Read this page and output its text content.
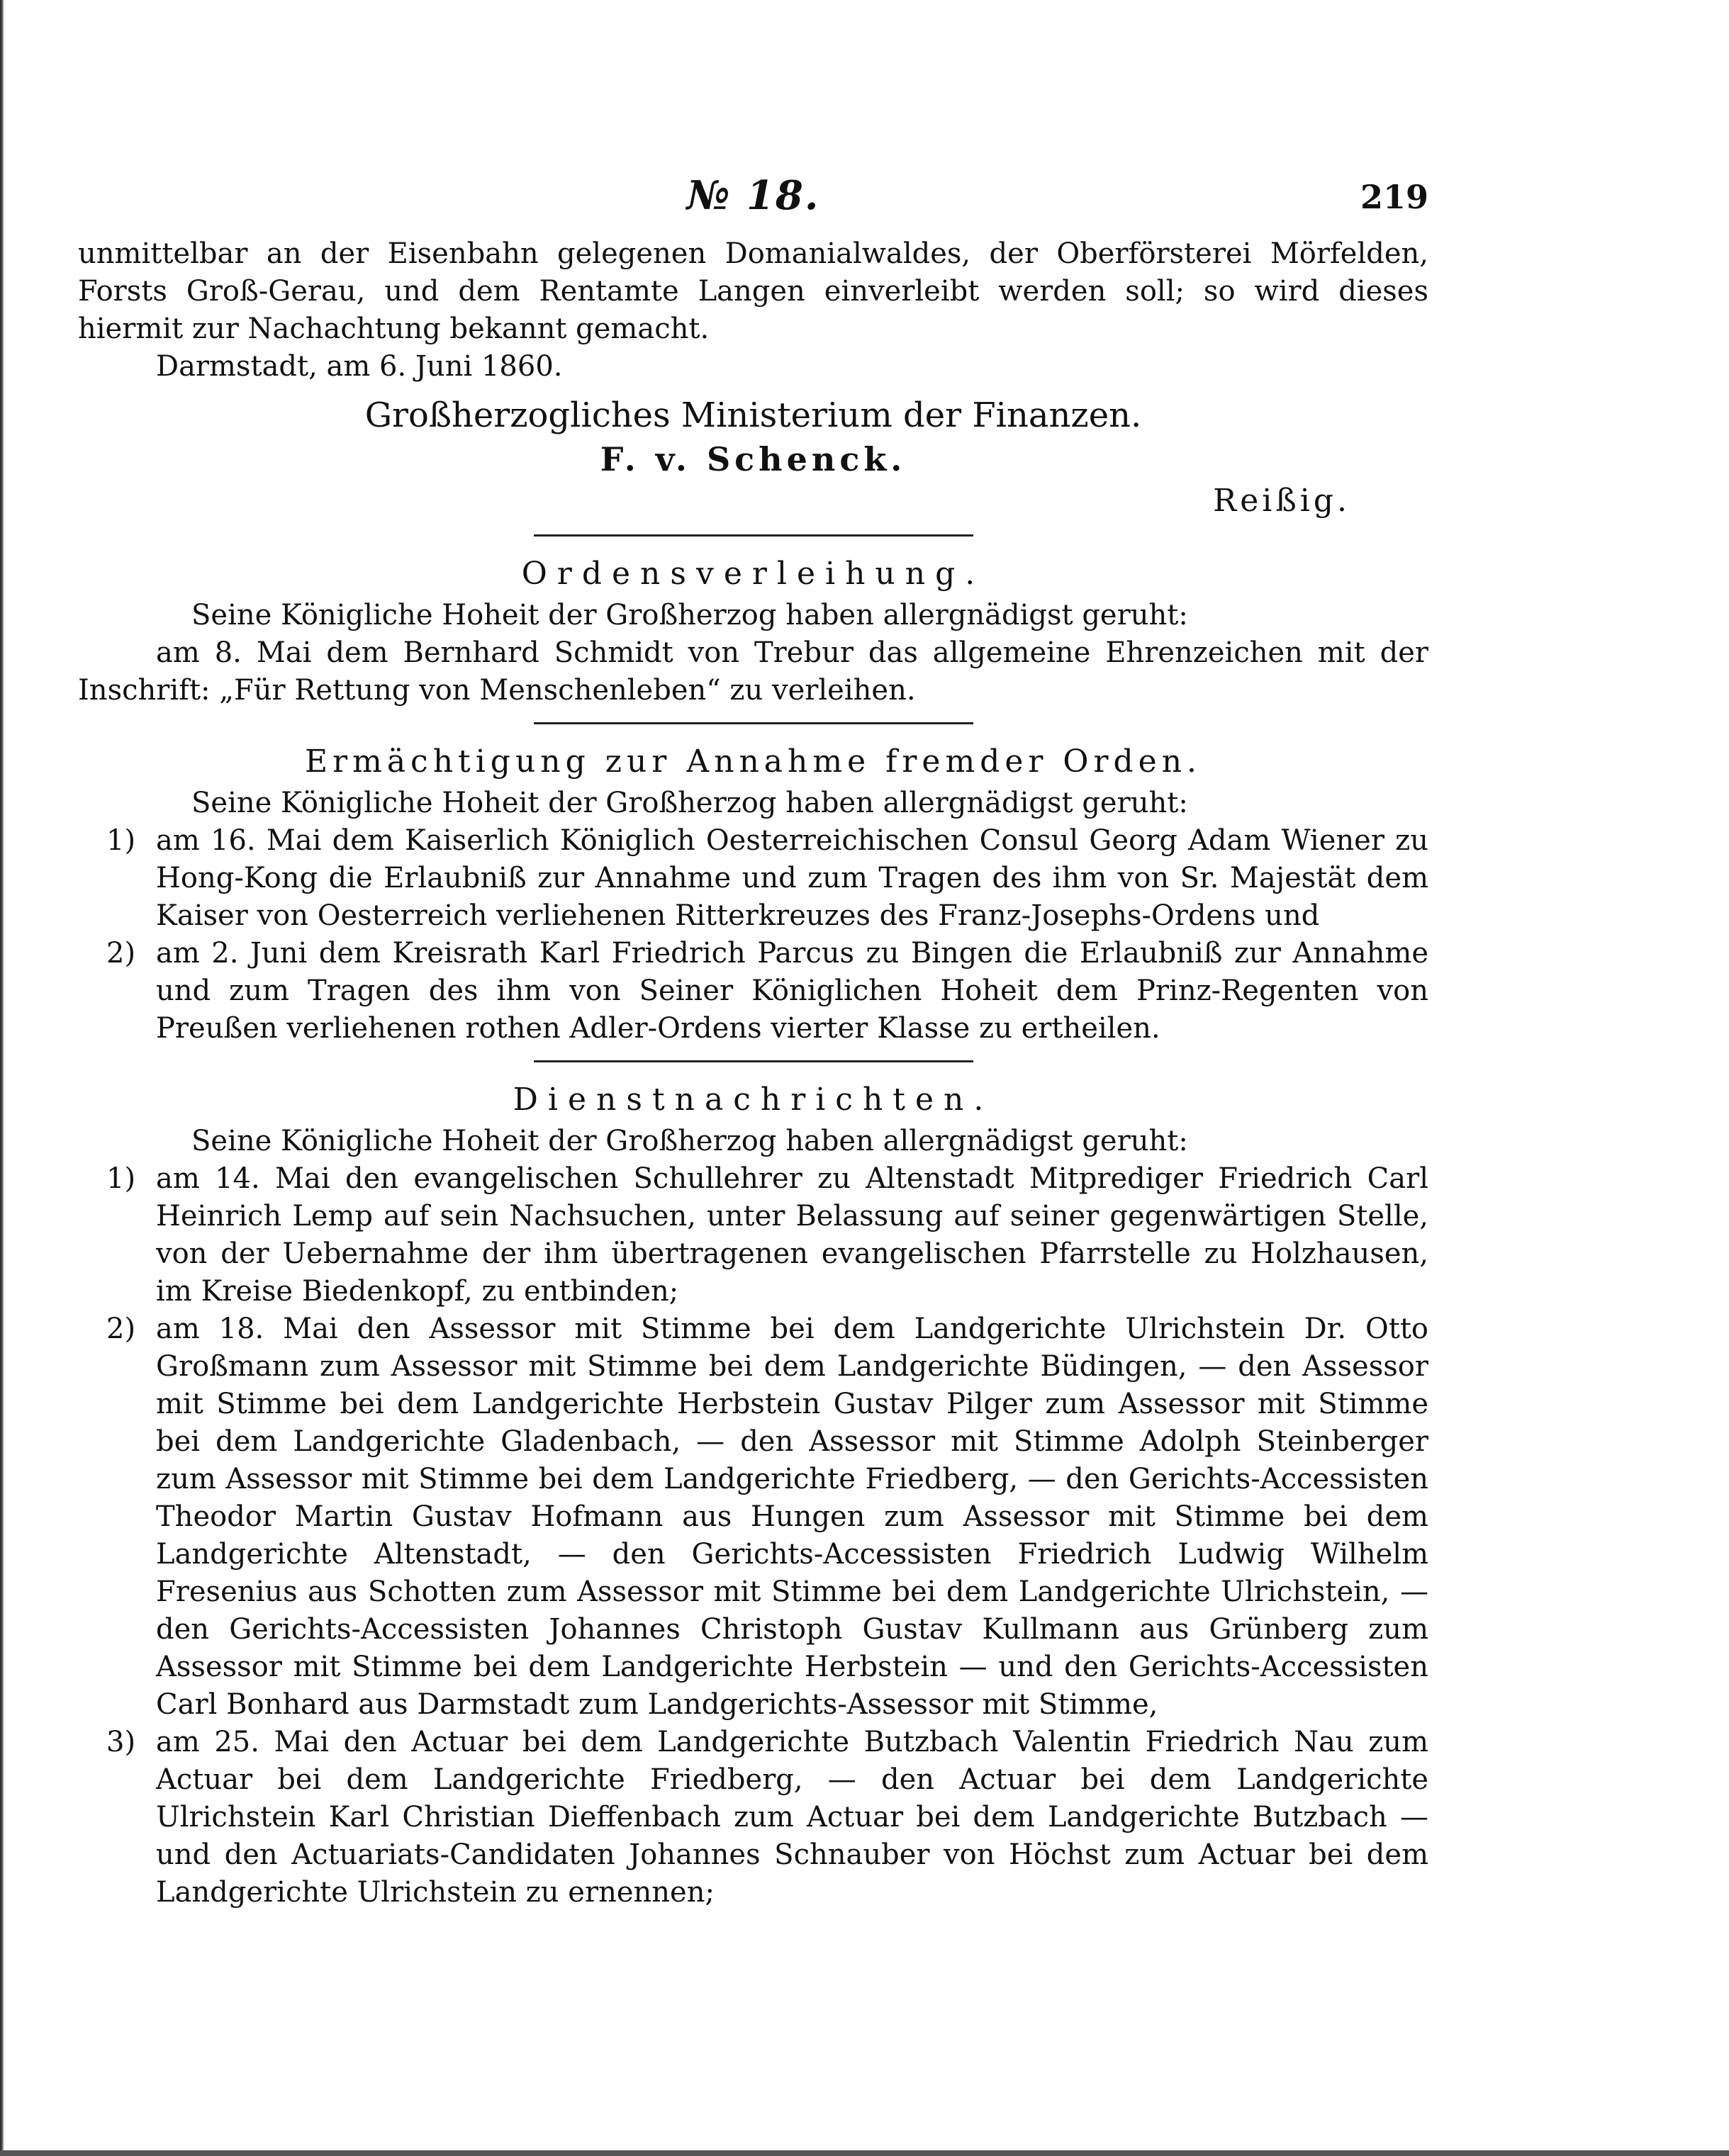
№ 18.	219

unmittelbar an der Eisenbahn gelegenen Domanialwaldes, der Oberförsterei Mörfelden, Forsts Groß-Gerau, und dem Rentamte Langen einverleibt werden soll; so wird dieses hiermit zur Nachachtung bekannt gemacht.

Darmstadt, am 6. Juni 1860.

Großherzogliches Ministerium der Finanzen.

F. v. Schenck.

Reißig.

Ordensverleihung.

Seine Königliche Hoheit der Großherzog haben allergnädigst geruht:

am 8. Mai dem Bernhard Schmidt von Trebur das allgemeine Ehrenzeichen mit der Inschrift: „Für Rettung von Menschenleben“ zu verleihen.

Ermächtigung zur Annahme fremder Orden.

Seine Königliche Hoheit der Großherzog haben allergnädigst geruht:

1) am 16. Mai dem Kaiserlich Königlich Oesterreichischen Consul Georg Adam Wiener zu Hong-Kong die Erlaubniß zur Annahme und zum Tragen des ihm von Sr. Majestät dem Kaiser von Oesterreich verliehenen Ritterkreuzes des Franz-Josephs-Ordens und
2) am 2. Juni dem Kreisrath Karl Friedrich Parcus zu Bingen die Erlaubniß zur Annahme und zum Tragen des ihm von Seiner Königlichen Hoheit dem Prinz-Regenten von Preußen verliehenen rothen Adler-Ordens vierter Klasse zu ertheilen.
Dienstnachrichten.

Seine Königliche Hoheit der Großherzog haben allergnädigst geruht:

1) am 14. Mai den evangelischen Schullehrer zu Altenstadt Mitprediger Friedrich Carl Heinrich Lemp auf sein Nachsuchen, unter Belassung auf seiner gegenwärtigen Stelle, von der Uebernahme der ihm übertragenen evangelischen Pfarrstelle zu Holzhausen, im Kreise Biedenkopf, zu entbinden;
2) am 18. Mai den Assessor mit Stimme bei dem Landgerichte Ulrichstein Dr. Otto Großmann zum Assessor mit Stimme bei dem Landgerichte Büdingen, — den Assessor mit Stimme bei dem Landgerichte Herbstein Gustav Pilger zum Assessor mit Stimme bei dem Landgerichte Gladenbach, — den Assessor mit Stimme Adolph Steinberger zum Assessor mit Stimme bei dem Landgerichte Friedberg, — den Gerichts-Accessisten Theodor Martin Gustav Hofmann aus Hungen zum Assessor mit Stimme bei dem Landgerichte Altenstadt, — den Gerichts-Accessisten Friedrich Ludwig Wilhelm Fresenius aus Schotten zum Assessor mit Stimme bei dem Landgerichte Ulrichstein, — den Gerichts-Accessisten Johannes Christoph Gustav Kullmann aus Grünberg zum Assessor mit Stimme bei dem Landgerichte Herbstein — und den Gerichts-Accessisten Carl Bonhard aus Darmstadt zum Landgerichts-Assessor mit Stimme,
3) am 25. Mai den Actuar bei dem Landgerichte Butzbach Valentin Friedrich Nau zum Actuar bei dem Landgerichte Friedberg, — den Actuar bei dem Landgerichte Ulrichstein Karl Christian Dieffenbach zum Actuar bei dem Landgerichte Butzbach — und den Actuariats-Candidaten Johannes Schnauber von Höchst zum Actuar bei dem Landgerichte Ulrichstein zu ernennen;
